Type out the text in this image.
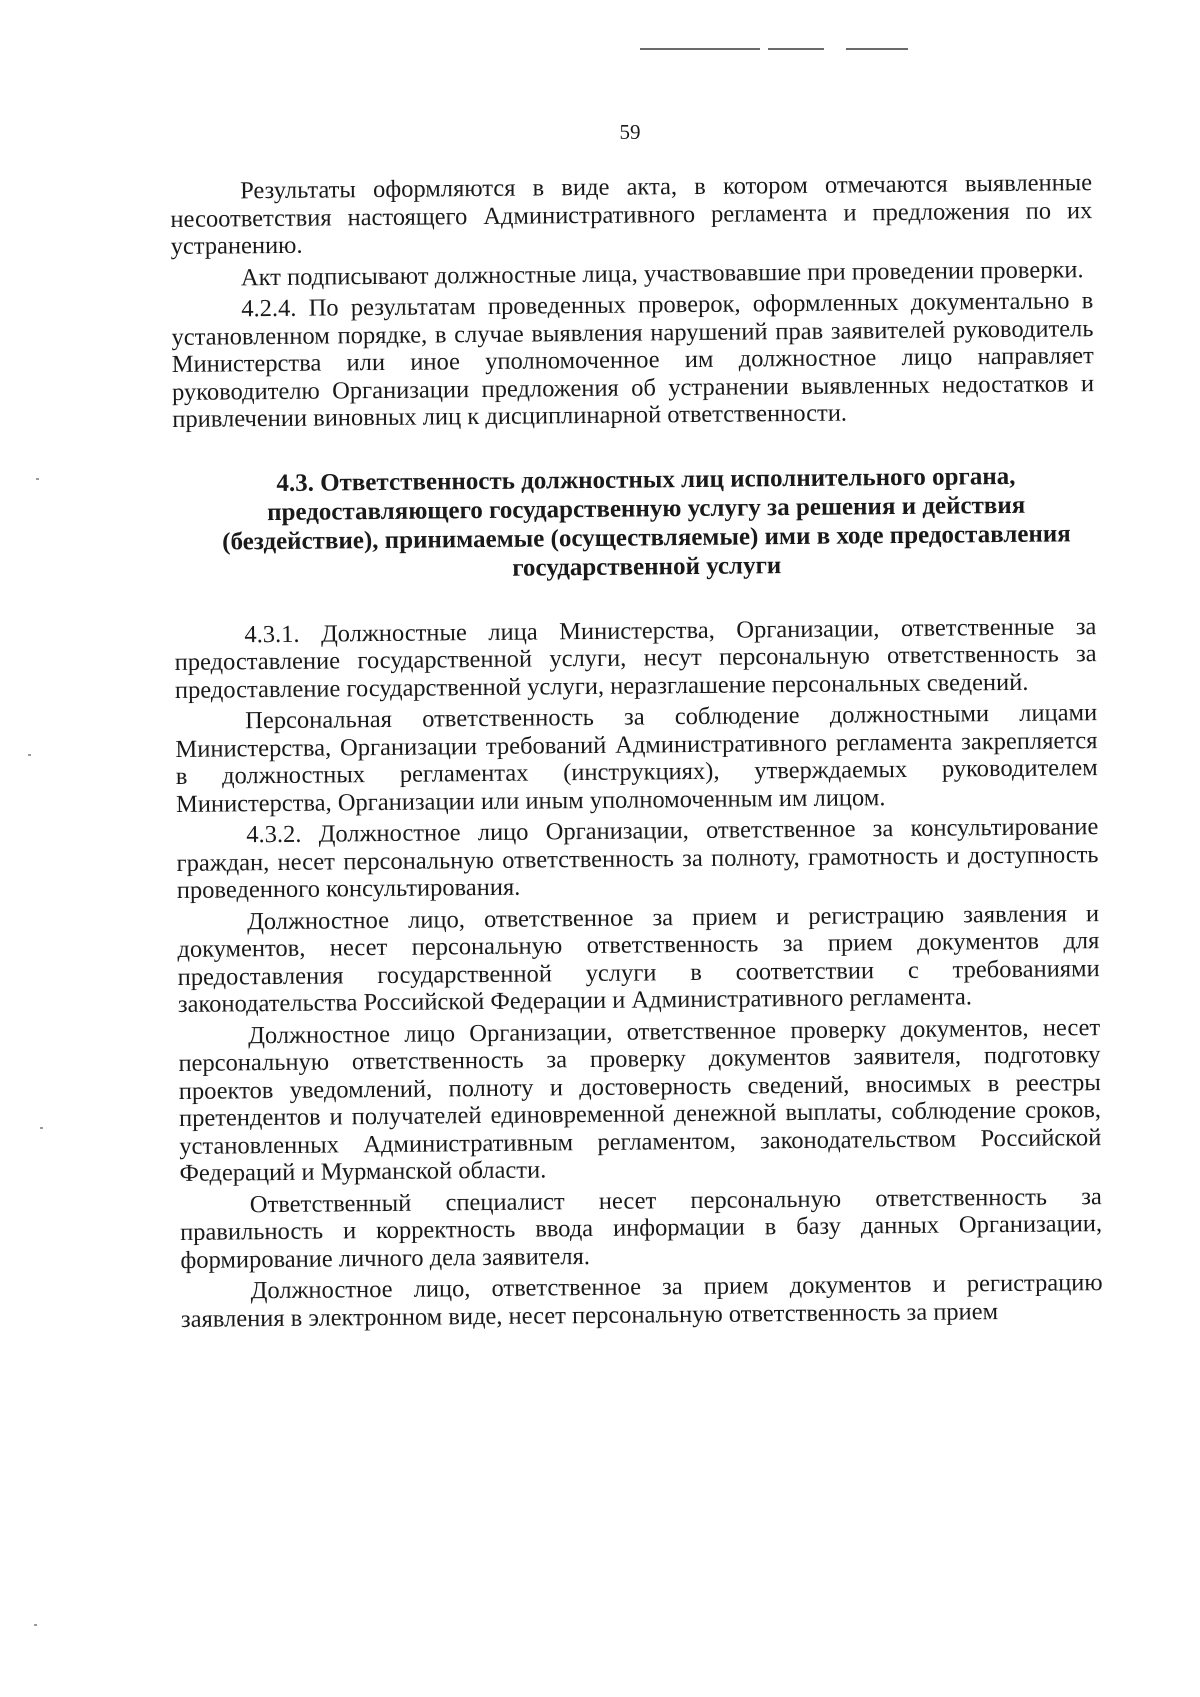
59

Результаты оформляются в виде акта, в котором отмечаются выявленные несоответствия настоящего Административного регламента и предложения по их устранению.

Акт подписывают должностные лица, участвовавшие при проведении проверки.

4.2.4. По результатам проведенных проверок, оформленных документально в установленном порядке, в случае выявления нарушений прав заявителей руководитель Министерства или иное уполномоченное им должностное лицо направляет руководителю Организации предложения об устранении выявленных недостатков и привлечении виновных лиц к дисциплинарной ответственности.

4.3. Ответственность должностных лиц исполнительного органа, предоставляющего государственную услугу за решения и действия (бездействие), принимаемые (осуществляемые) ими в ходе предоставления государственной услуги

4.3.1. Должностные лица Министерства, Организации, ответственные за предоставление государственной услуги, несут персональную ответственность за предоставление государственной услуги, неразглашение персональных сведений.

Персональная ответственность за соблюдение должностными лицами Министерства, Организации требований Административного регламента закрепляется в должностных регламентах (инструкциях), утверждаемых руководителем Министерства, Организации или иным уполномоченным им лицом.

4.3.2. Должностное лицо Организации, ответственное за консультирование граждан, несет персональную ответственность за полноту, грамотность и доступность проведенного консультирования.

Должностное лицо, ответственное за прием и регистрацию заявления и документов, несет персональную ответственность за прием документов для предоставления государственной услуги в соответствии с требованиями законодательства Российской Федерации и Административного регламента.

Должностное лицо Организации, ответственное проверку документов, несет персональную ответственность за проверку документов заявителя, подготовку проектов уведомлений, полноту и достоверность сведений, вносимых в реестры претендентов и получателей единовременной денежной выплаты, соблюдение сроков, установленных Административным регламентом, законодательством Российской Федераций и Мурманской области.

Ответственный специалист несет персональную ответственность за правильность и корректность ввода информации в базу данных Организации, формирование личного дела заявителя.

Должностное лицо, ответственное за прием документов и регистрацию заявления в электронном виде, несет персональную ответственность за прием
